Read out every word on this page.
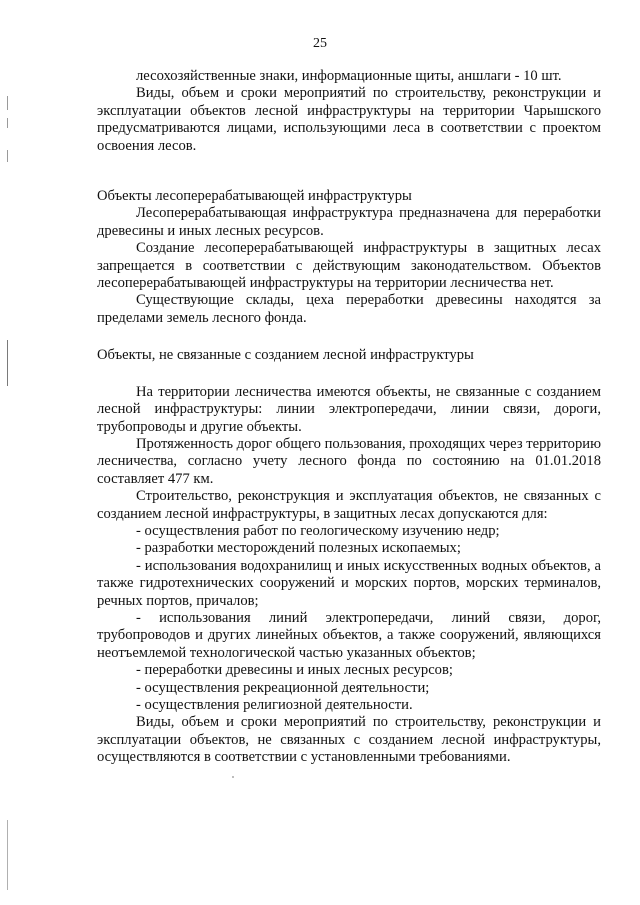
25

лесохозяйственные знаки, информационные щиты, аншлаги - 10 шт.

Виды, объем и сроки мероприятий по строительству, реконструкции и эксплуатации объектов лесной инфраструктуры на территории Чарышского предусматриваются лицами, использующими леса в соответствии с проектом освоения лесов.

Объекты лесоперерабатывающей инфраструктуры

Лесоперерабатывающая инфраструктура предназначена для переработки древесины и иных лесных ресурсов.

Создание лесоперерабатывающей инфраструктуры в защитных лесах запрещается в соответствии с действующим законодательством. Объектов лесоперерабатывающей инфраструктуры на территории лесничества нет.

Существующие склады, цеха переработки древесины находятся за пределами земель лесного фонда.

Объекты, не связанные с созданием лесной инфраструктуры

На территории лесничества имеются объекты, не связанные с созданием лесной инфраструктуры: линии электропередачи, линии связи, дороги, трубопроводы и другие объекты.

Протяженность дорог общего пользования, проходящих через территорию лесничества, согласно учету лесного фонда по состоянию на 01.01.2018 составляет 477 км.

Строительство, реконструкция и эксплуатация объектов, не связанных с созданием лесной инфраструктуры, в защитных лесах допускаются для:

- осуществления работ по геологическому изучению недр;

- разработки месторождений полезных ископаемых;

- использования водохранилищ и иных искусственных водных объектов, а также гидротехнических сооружений и морских портов, морских терминалов, речных портов, причалов;

- использования линий электропередачи, линий связи, дорог, трубопроводов и других линейных объектов, а также сооружений, являющихся неотъемлемой технологической частью указанных объектов;

- переработки древесины и иных лесных ресурсов;

- осуществления рекреационной деятельности;

- осуществления религиозной деятельности.

Виды, объем и сроки мероприятий по строительству, реконструкции и эксплуатации объектов, не связанных с созданием лесной инфраструктуры, осуществляются в соответствии с установленными требованиями.
